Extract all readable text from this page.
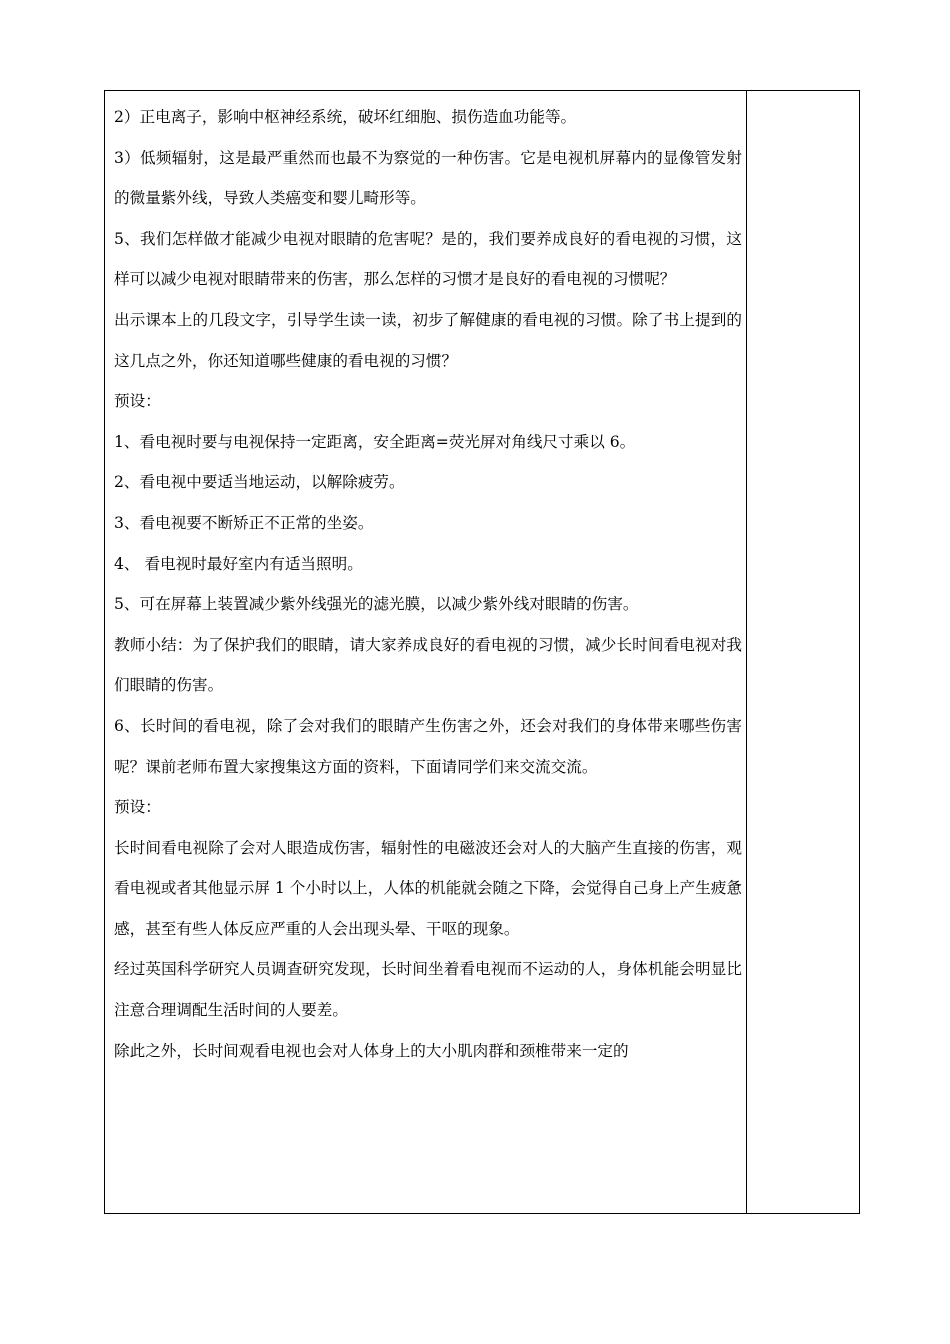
2）正电离子，影响中枢神经系统，破坏红细胞、损伤造血功能等。

3）低频辐射，这是最严重然而也最不为察觉的一种伤害。它是电视机屏幕内的显像管发射的微量紫外线，导致人类癌变和婴儿畸形等。

5、我们怎样做才能减少电视对眼睛的危害呢？是的，我们要养成良好的看电视的习惯，这样可以减少电视对眼睛带来的伤害，那么怎样的习惯才是良好的看电视的习惯呢？

出示课本上的几段文字，引导学生读一读，初步了解健康的看电视的习惯。除了书上提到的这几点之外，你还知道哪些健康的看电视的习惯？

预设：

1、看电视时要与电视保持一定距离，安全距离=荧光屏对角线尺寸乘以 6。

2、看电视中要适当地运动，以解除疲劳。

3、看电视要不断矫正不正常的坐姿。

4、 看电视时最好室内有适当照明。

5、可在屏幕上装置减少紫外线强光的滤光膜，以减少紫外线对眼睛的伤害。

教师小结：为了保护我们的眼睛，请大家养成良好的看电视的习惯，减少长时间看电视对我们眼睛的伤害。

6、长时间的看电视，除了会对我们的眼睛产生伤害之外，还会对我们的身体带来哪些伤害呢？课前老师布置大家搜集这方面的资料，下面请同学们来交流交流。

预设：

长时间看电视除了会对人眼造成伤害，辐射性的电磁波还会对人的大脑产生直接的伤害，观看电视或者其他显示屏 1 个小时以上，人体的机能就会随之下降，会觉得自己身上产生疲惫感，甚至有些人体反应严重的人会出现头晕、干呕的现象。

经过英国科学研究人员调查研究发现，长时间坐着看电视而不运动的人，身体机能会明显比注意合理调配生活时间的人要差。

除此之外，长时间观看电视也会对人体身上的大小肌肉群和颈椎带来一定的
